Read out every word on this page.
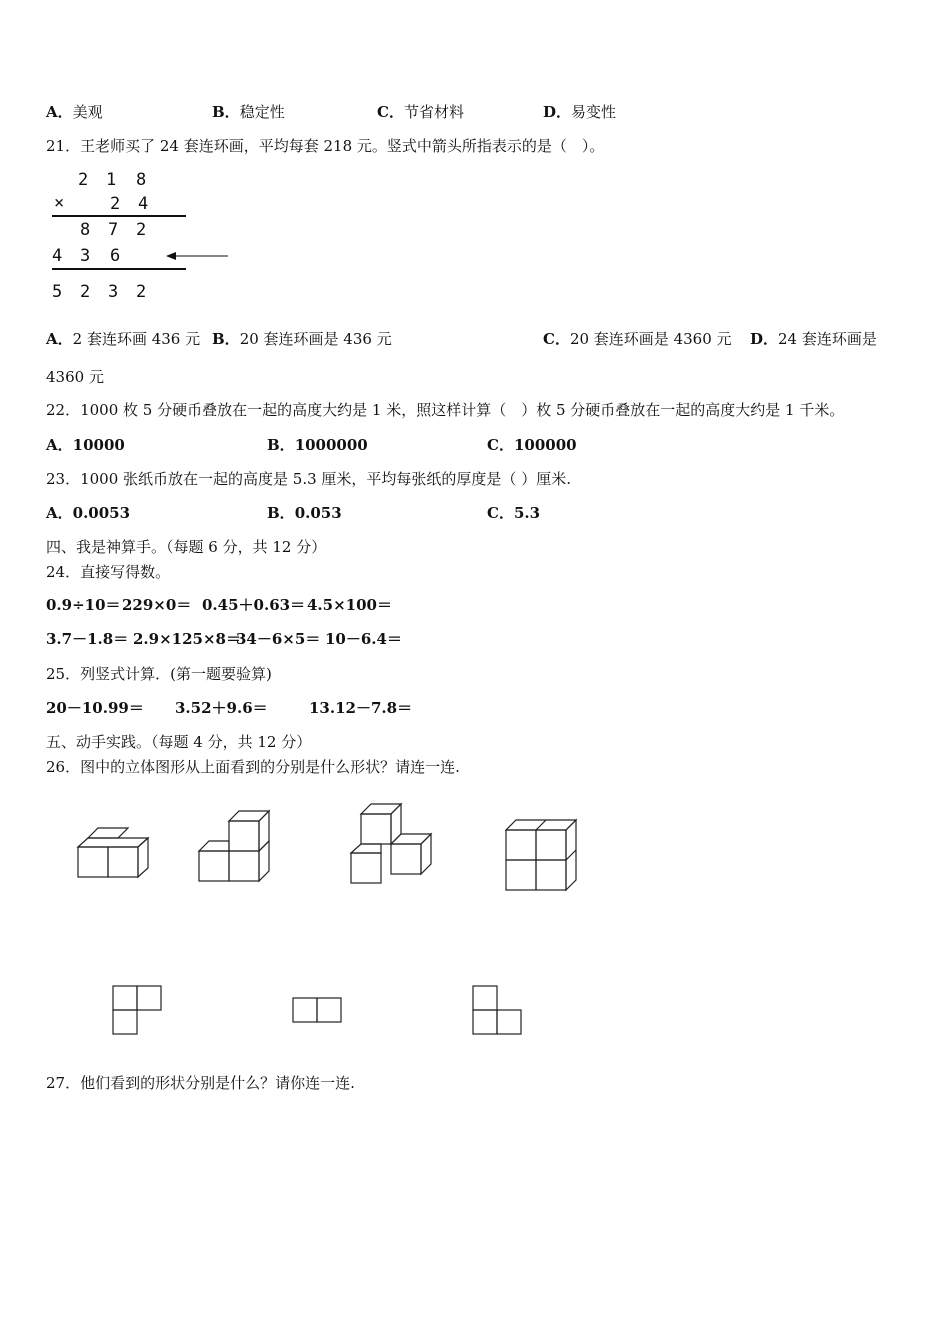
A．美观	B．稳定性	C．节省材料	D．易变性
21．王老师买了 24 套连环画，平均每套 218 元。竖式中箭头所指表示的是（　）。
2 1 8
×	2 4
8 7 2
4 3 6
5 2 3 2
A．2 套连环画 436 元 B．20 套连环画是 436 元	C．20 套连环画是 4360 元 D．24 套连环画是
4360 元
22．1000 枚 5 分硬币叠放在一起的高度大约是 1 米，照这样计算（　）枚 5 分硬币叠放在一起的高度大约是 1 千米。
A．10000	B．1000000	C．100000
23．1000 张纸币放在一起的高度是 5.3 厘米，平均每张纸的厚度是（ ）厘米.
A．0.0053	B．0.053	C．5.3
四、我是神算手。（每题 6 分，共 12 分）
24．直接写得数。
0.9÷10＝ 229×0＝ 0.45＋0.63＝ 4.5×100＝
3.7－1.8＝ 2.9×125×8＝
34－6×5＝ 10－6.4＝
25．列竖式计算．(第一题要验算)
20－10.99＝ 3.52＋9.6＝	13.12－7.8＝
五、动手实践。（每题 4 分，共 12 分）
26．图中的立体图形从上面看到的分别是什么形状？请连一连.
27．他们看到的形状分别是什么？请你连一连.
